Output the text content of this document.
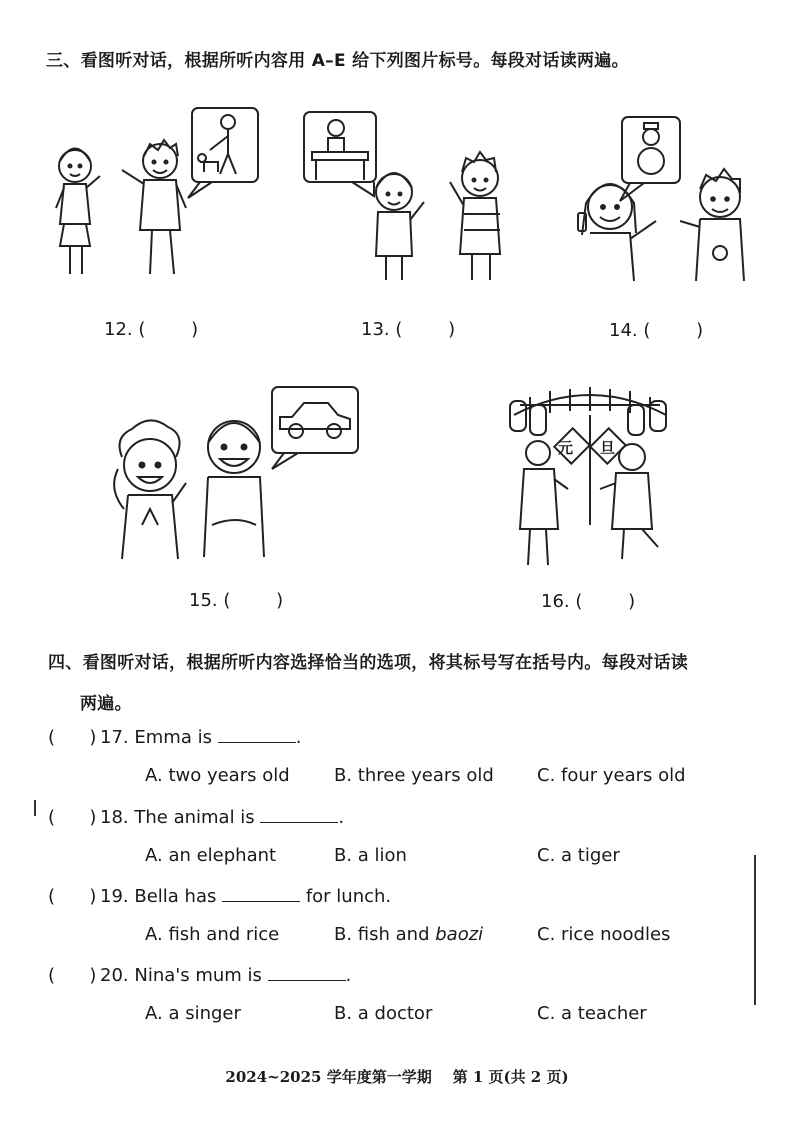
三、看图听对话，根据所听内容用 A–E 给下列图片标号。每段对话读两遍。
元 旦
12. (        )	13. (        )	14. (        )
15. (        )	16. (        )
四、看图听对话，根据所听内容选择恰当的选项，将其标号写在括号内。每段对话读
两遍。
(      ) 17. Emma is	.
A. two years old B. three years old C. four years old
(      ) 18. The animal is	.
A. an elephant	B. a lion	C. a tiger
(      ) 19. Bella has	for lunch.
A. fish and rice	B. fish and baozi	C. rice noodles
(      ) 20. Nina's mum is	.
A. a singer	B. a doctor	C. a teacher
2024~2025 学年度第一学期    第 1 页(共 2 页)
